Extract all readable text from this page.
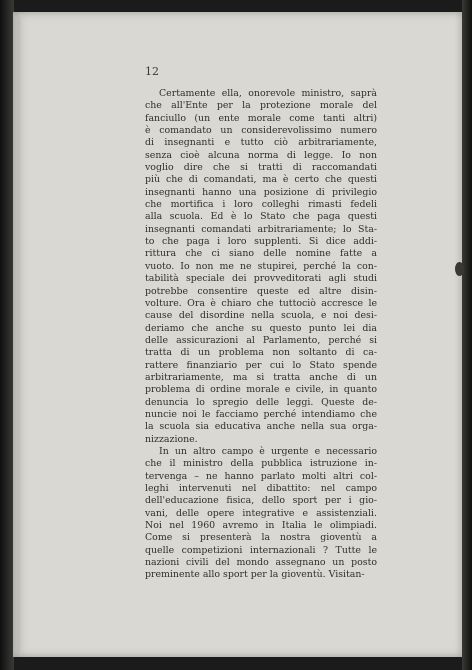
12
Certamente ella, onorevole ministro, saprà
che all'Ente per la protezione morale del
fanciullo (un ente morale come tanti altri)
è comandato un considerevolissimo numero
di insegnanti e tutto ciò arbitrariamente,
senza cioè alcuna norma di legge. Io non
voglio dire che si tratti di raccomandati
più che di comandati, ma è certo che questi
insegnanti hanno una posizione di privilegio
che mortifica i loro colleghi rimasti fedeli
alla scuola. Ed è lo Stato che paga questi
insegnanti comandati arbitrariamente; lo Sta-
to che paga i loro supplenti. Si dice addi-
rittura che ci siano delle nomine fatte a
vuoto. Io non me ne stupirei, perché la con-
tabilità speciale dei provveditorati agli studi
potrebbe consentire queste ed altre disin-
volture. Ora è chiaro che tuttociò accresce le
cause del disordine nella scuola, e noi desi-
deriamo che anche su questo punto lei dia
delle assicurazioni al Parlamento, perché si
tratta di un problema non soltanto di ca-
rattere finanziario per cui lo Stato spende
arbitrariamente, ma si tratta anche di un
problema di ordine morale e civile, in quanto
denuncia lo spregio delle leggi. Queste de-
nuncie noi le facciamo perché intendiamo che
la scuola sia educativa anche nella sua orga-
nizzazione.
In un altro campo è urgente e necessario
che il ministro della pubblica istruzione in-
tervenga – ne hanno parlato molti altri col-
leghi intervenuti nel dibattito: nel campo
dell'educazione fisica, dello sport per i gio-
vani, delle opere integrative e assistenziali.
Noi nel 1960 avremo in Italia le olimpiadi.
Come si presenterà la nostra gioventù a
quelle competizioni internazionali ? Tutte le
nazioni civili del mondo assegnano un posto
preminente allo sport per la gioventù. Visitan-
